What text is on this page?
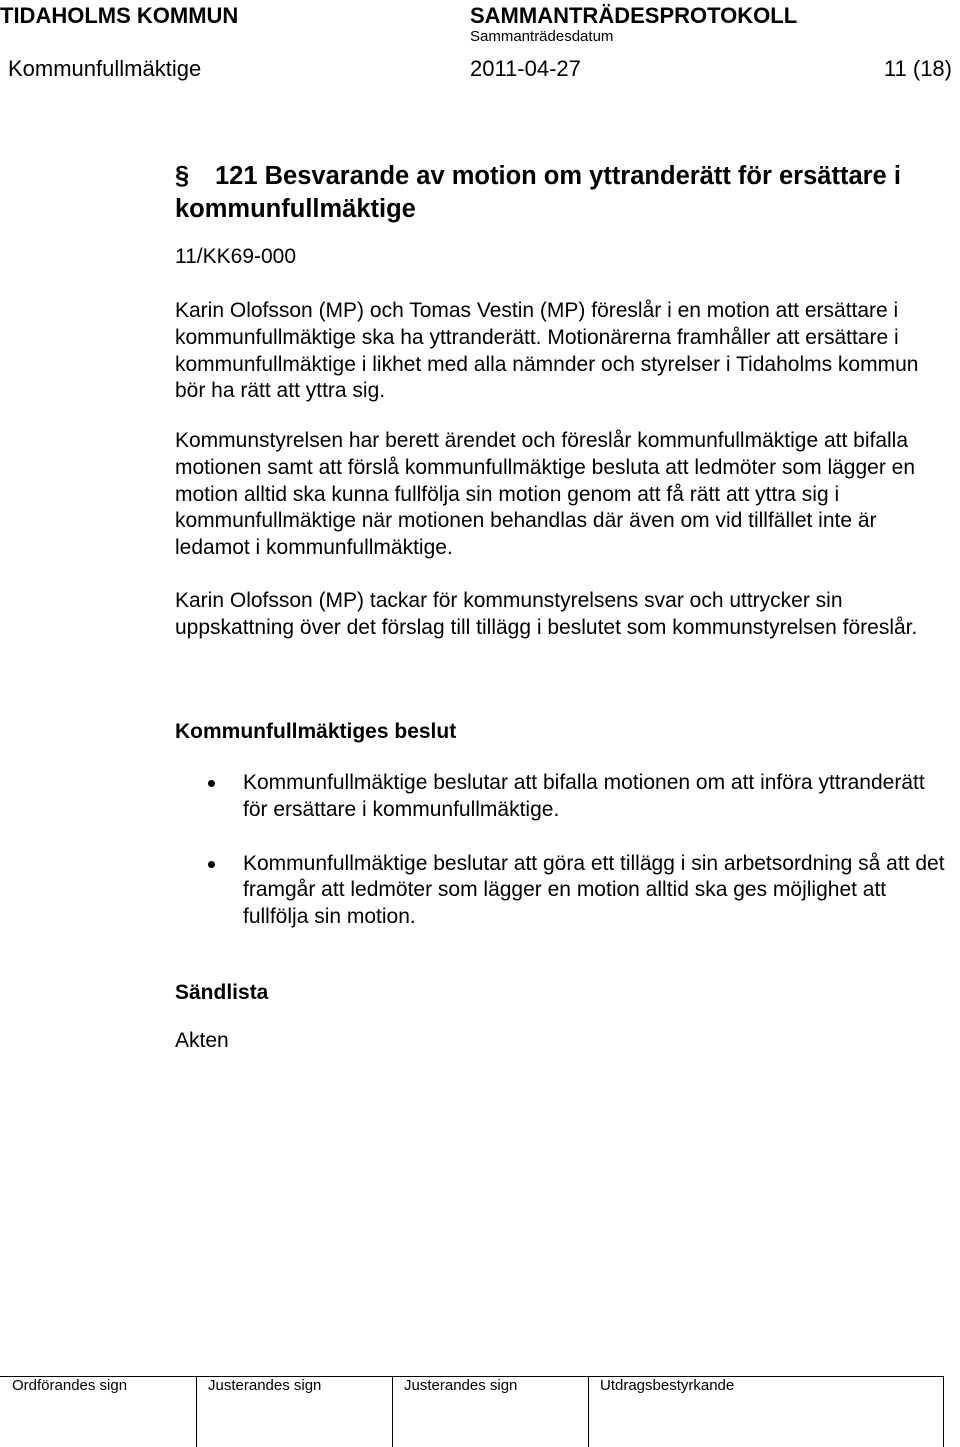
TIDAHOLMS KOMMUN	SAMMANTRÄDESPROTOKOLL
Sammanträdesdatum
Kommunfullmäktige	2011-04-27	11 (18)
§ 121 Besvarande av motion om yttranderätt för ersättare i kommunfullmäktige
11/KK69-000

Karin Olofsson (MP) och Tomas Vestin (MP) föreslår i en motion att ersättare i kommunfullmäktige ska ha yttranderätt. Motionärerna framhåller att ersättare i kommunfullmäktige i likhet med alla nämnder och styrelser i Tidaholms kommun bör ha rätt att yttra sig.

Kommunstyrelsen har berett ärendet och föreslår kommunfullmäktige att bifalla motionen samt att förslå kommunfullmäktige besluta att ledmöter som lägger en motion alltid ska kunna fullfölja sin motion genom att få rätt att yttra sig i kommunfullmäktige när motionen behandlas där även om vid tillfället inte är ledamot i kommunfullmäktige.

Karin Olofsson (MP) tackar för kommunstyrelsens svar och uttrycker sin uppskattning över det förslag till tillägg i beslutet som kommunstyrelsen föreslår.

Kommunfullmäktiges beslut
Kommunfullmäktige beslutar att bifalla motionen om att införa yttranderätt för ersättare i kommunfullmäktige.
Kommunfullmäktige beslutar att göra ett tillägg i sin arbetsordning så att det framgår att ledmöter som lägger en motion alltid ska ges möjlighet att fullfölja sin motion.
Sändlista
Akten
Ordförandes sign	Justerandes sign	Justerandes sign	Utdragsbestyrkande
